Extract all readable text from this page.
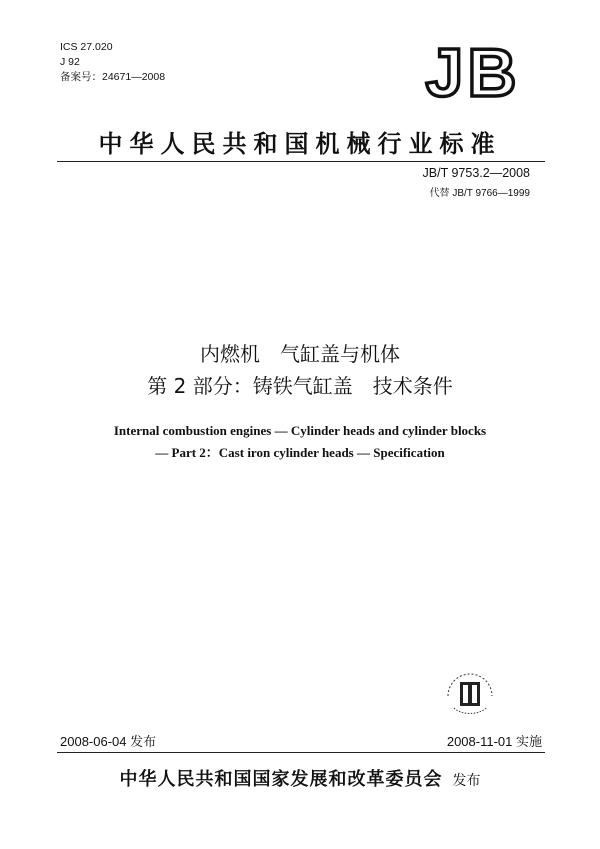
ICS 27.020
J 92
备案号：24671—2008	JB
中华人民共和国机械行业标准
JB/T 9753.2—2008
代替 JB/T 9766—1999
内燃机　气缸盖与机体
第 2 部分：铸铁气缸盖　技术条件
Internal combustion engines — Cylinder heads and cylinder blocks
— Part 2：Cast iron cylinder heads — Specification
2008-06-04 发布	2008-11-01 实施
中华人民共和国国家发展和改革委员会 发布
